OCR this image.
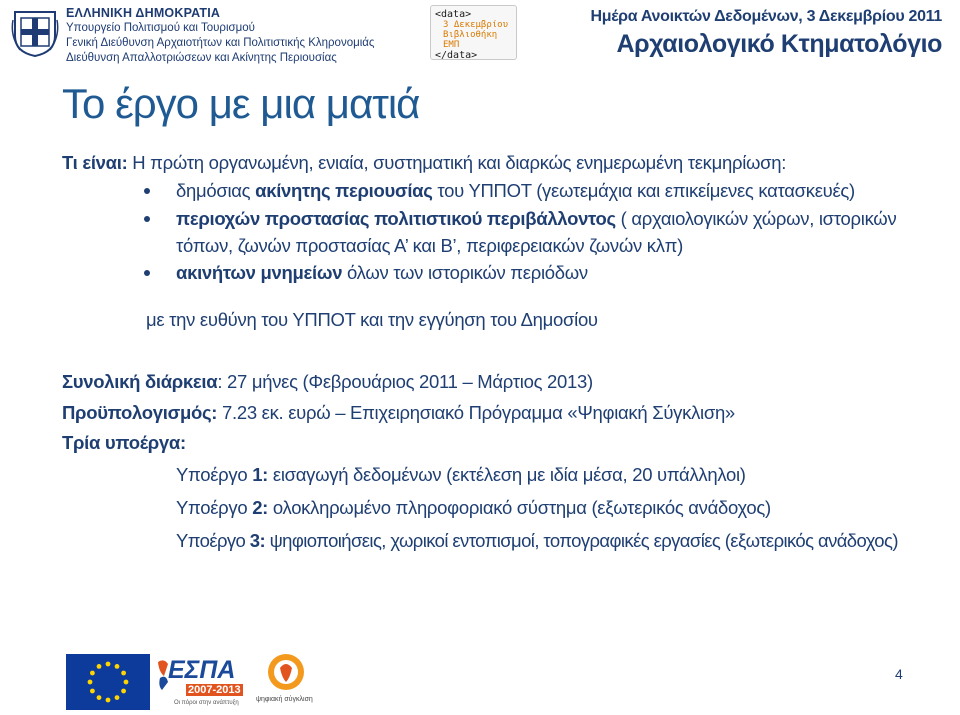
ΕΛΛΗΝΙΚΗ ΔΗΜΟΚΡΑΤΙΑ
Υπουργείο Πολιτισμού και Τουρισμού
Γενική Διεύθυνση Αρχαιοτήτων και Πολιτιστικής Κληρονομιάς
Διεύθυνση Απαλλοτριώσεων και Ακίνητης Περιουσίας
<data>
3 Δεκεμβρίου
Βιβλιοθήκη ΕΜΠ
</data>
Ημέρα Ανοικτών Δεδομένων, 3 Δεκεμβρίου 2011
Αρχαιολογικό Κτηματολόγιο
Το έργο με μια ματιά
Τι είναι: Η πρώτη οργανωμένη, ενιαία, συστηματική και διαρκώς ενημερωμένη τεκμηρίωση:
δημόσιας ακίνητης περιουσίας του ΥΠΠΟΤ (γεωτεμάχια και επικείμενες κατασκευές)
περιοχών προστασίας πολιτιστικού περιβάλλοντος ( αρχαιολογικών χώρων, ιστορικών
τόπων, ζωνών προστασίας Α’ και Β’, περιφερειακών ζωνών κλπ)
ακινήτων μνημείων όλων των ιστορικών περιόδων
με την ευθύνη του ΥΠΠΟΤ και την εγγύηση του Δημοσίου
Συνολική διάρκεια: 27 μήνες (Φεβρουάριος 2011 – Μάρτιος 2013)
Προϋπολογισμός: 7.23 εκ. ευρώ – Επιχειρησιακό Πρόγραμμα «Ψηφιακή Σύγκλιση»
Τρία υποέργα:
Υποέργο 1: εισαγωγή δεδομένων (εκτέλεση με ιδία μέσα, 20 υπάλληλοι)
Υποέργο 2: ολοκληρωμένο πληροφοριακό σύστημα (εξωτερικός ανάδοχος)
Υποέργο 3: ψηφιοποιήσεις, χωρικοί εντοπισμοί, τοπογραφικές εργασίες (εξωτερικός ανάδοχος)
ΕΣΠΑ
2007-2013
Οι πόροι στην ανάπτυξη ψηφιακή σύγκλιση
4
